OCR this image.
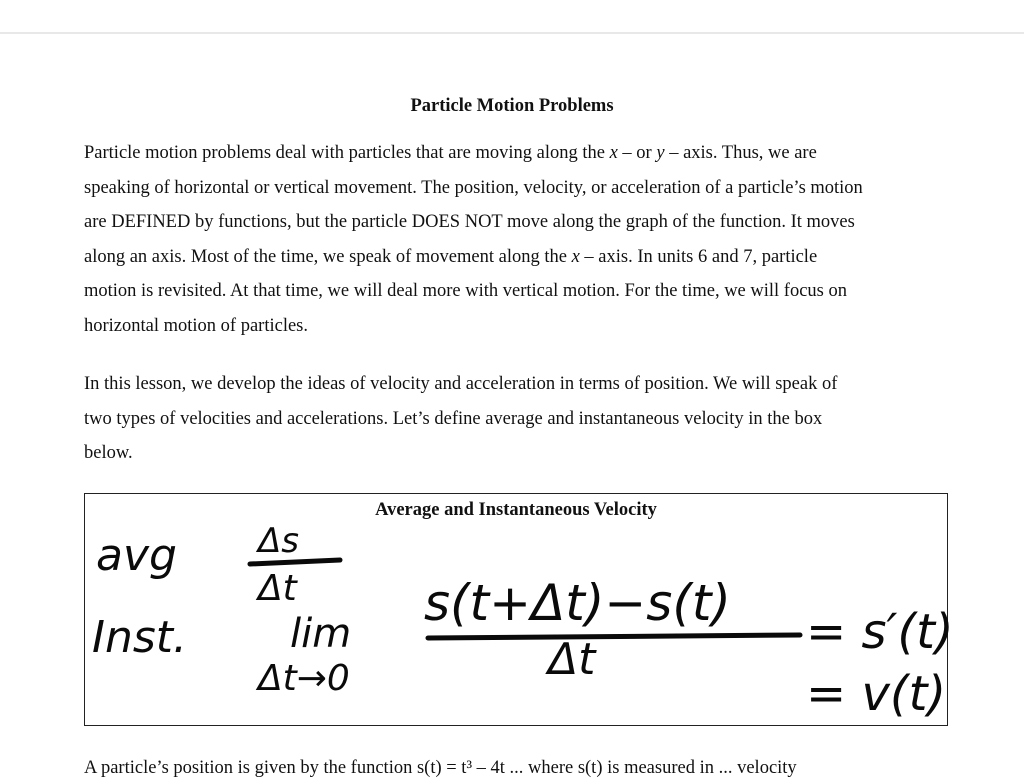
Particle Motion Problems
Particle motion problems deal with particles that are moving along the x – or y – axis. Thus, we are
speaking of horizontal or vertical movement. The position, velocity, or acceleration of a particle’s motion
are DEFINED by functions, but the particle DOES NOT move along the graph of the function. It moves
along an axis. Most of the time, we speak of movement along the x – axis. In units 6 and 7, particle
motion is revisited. At that time, we will deal more with vertical motion. For the time, we will focus on
horizontal motion of particles.
In this lesson, we develop the ideas of velocity and acceleration in terms of position. We will speak of
two types of velocities and accelerations. Let’s define average and instantaneous velocity in the box
below.
Average and Instantaneous Velocity
avg
Inst.
Δs
Δt
lim
Δt→0
s(t+Δt)−s(t)
Δt	= s′(t)
= v(t)
A particle’s position is given by the function s(t) = t³ – 4t ... where s(t) is measured in ... velocity
